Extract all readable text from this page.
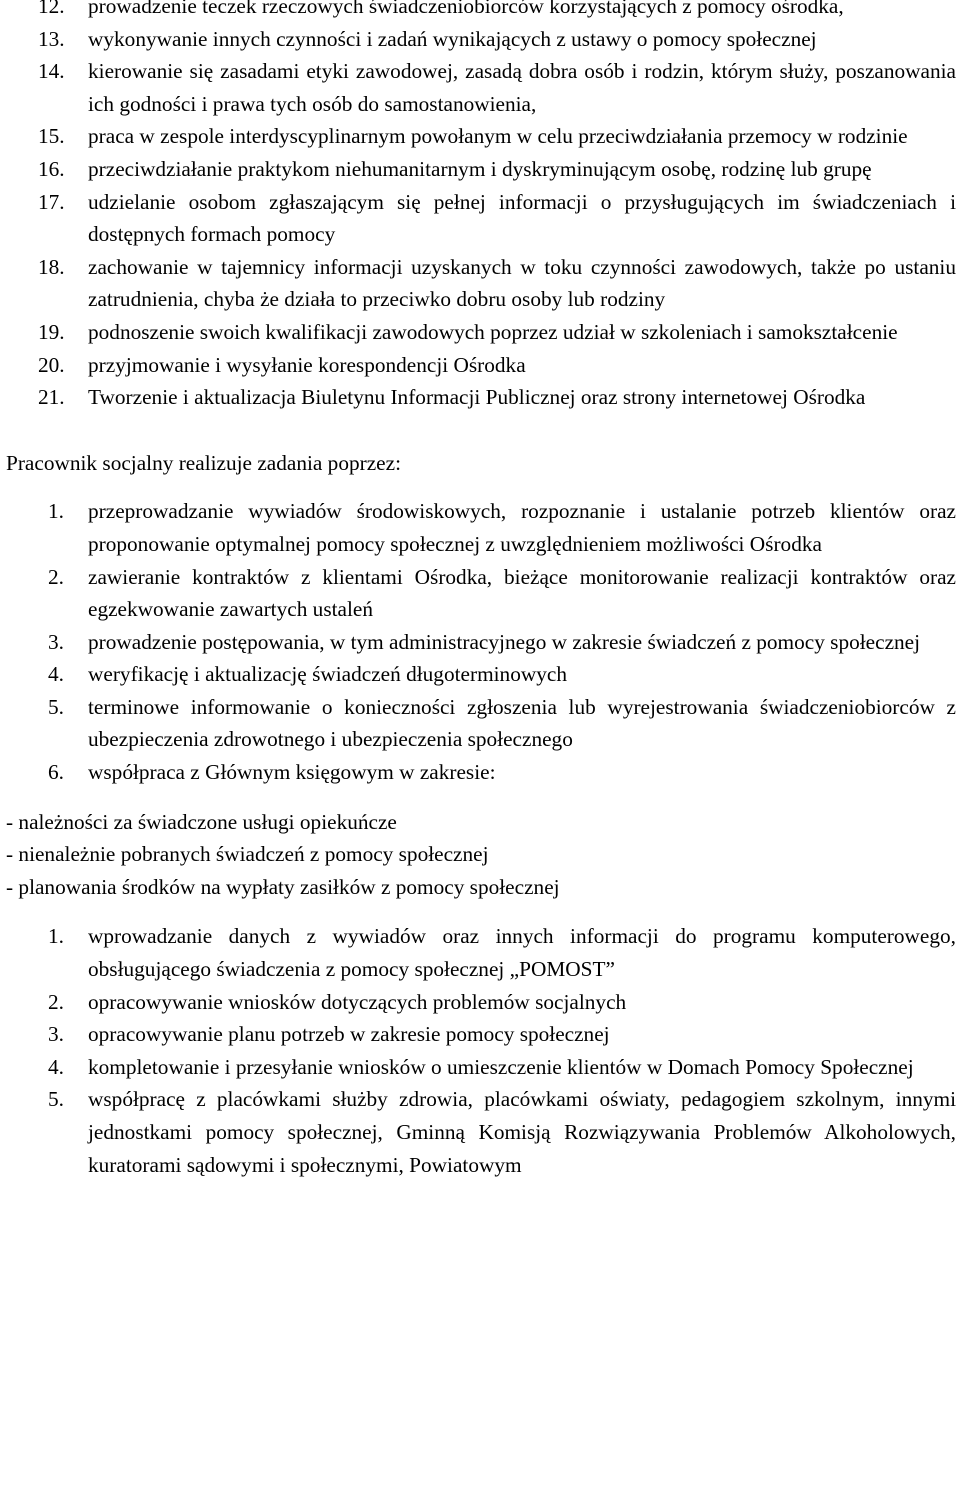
12. prowadzenie teczek rzeczowych świadczeniobiorców korzystających z pomocy ośrodka,
13. wykonywanie innych czynności i zadań wynikających z ustawy o pomocy społecznej
14. kierowanie się zasadami etyki zawodowej, zasadą dobra osób i rodzin, którym służy, poszanowania ich godności i prawa tych osób do samostanowienia,
15. praca w zespole interdyscyplinarnym powołanym w celu przeciwdziałania przemocy w rodzinie
16. przeciwdziałanie praktykom niehumanitarnym i dyskryminującym osobę, rodzinę lub grupę
17. udzielanie osobom zgłaszającym się pełnej informacji o przysługujących im świadczeniach i dostępnych formach pomocy
18. zachowanie w tajemnicy informacji uzyskanych w toku czynności zawodowych, także po ustaniu zatrudnienia, chyba że działa to przeciwko dobru osoby lub rodziny
19. podnoszenie swoich kwalifikacji zawodowych poprzez udział w szkoleniach i samokształcenie
20. przyjmowanie i wysyłanie korespondencji Ośrodka
21. Tworzenie i aktualizacja Biuletynu Informacji Publicznej oraz strony internetowej Ośrodka

Pracownik socjalny realizuje zadania poprzez:

1. przeprowadzanie wywiadów środowiskowych, rozpoznanie i ustalanie potrzeb klientów oraz proponowanie optymalnej pomocy społecznej z uwzględnieniem możliwości Ośrodka
2. zawieranie kontraktów z klientami Ośrodka, bieżące monitorowanie realizacji kontraktów oraz egzekwowanie zawartych ustaleń
3. prowadzenie postępowania, w tym administracyjnego w zakresie świadczeń z pomocy społecznej
4. weryfikację i aktualizację świadczeń długoterminowych
5. terminowe informowanie o konieczności zgłoszenia lub wyrejestrowania świadczeniobiorców z ubezpieczenia zdrowotnego i ubezpieczenia społecznego
6. współpraca z Głównym księgowym w zakresie:
- należności za świadczone usługi opiekuńcze
- nienależnie pobranych świadczeń z pomocy społecznej
- planowania środków na wypłaty zasiłków z pomocy społecznej
1. wprowadzanie danych z wywiadów oraz innych informacji do programu komputerowego, obsługującego świadczenia z pomocy społecznej „POMOST”
2. opracowywanie wniosków dotyczących problemów socjalnych
3. opracowywanie planu potrzeb w zakresie pomocy społecznej
4. kompletowanie i przesyłanie wniosków o umieszczenie klientów w Domach Pomocy Społecznej
5. współpracę z placówkami służby zdrowia, placówkami oświaty, pedagogiem szkolnym, innymi jednostkami pomocy społecznej, Gminną Komisją Rozwiązywania Problemów Alkoholowych, kuratorami sądowymi i społecznymi, Powiatowym
